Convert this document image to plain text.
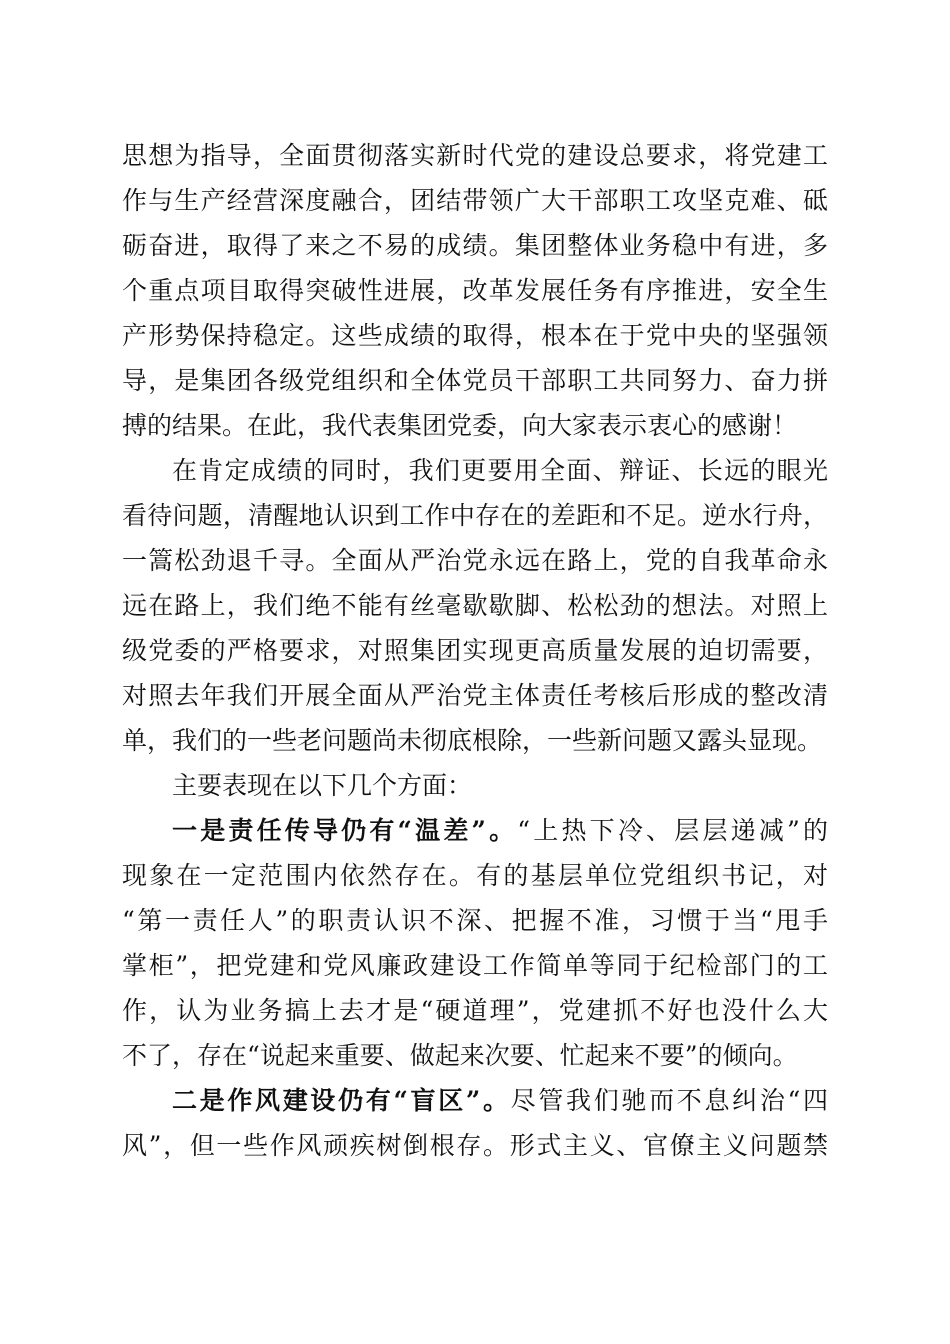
思想为指导，全面贯彻落实新时代党的建设总要求，将党建工
作与生产经营深度融合，团结带领广大干部职工攻坚克难、砥
砺奋进，取得了来之不易的成绩。集团整体业务稳中有进，多
个重点项目取得突破性进展，改革发展任务有序推进，安全生
产形势保持稳定。这些成绩的取得，根本在于党中央的坚强领
导，是集团各级党组织和全体党员干部职工共同努力、奋力拼
搏的结果。在此，我代表集团党委，向大家表示衷心的感谢！
在肯定成绩的同时，我们更要用全面、辩证、长远的眼光
看待问题，清醒地认识到工作中存在的差距和不足。逆水行舟，
一篙松劲退千寻。全面从严治党永远在路上，党的自我革命永
远在路上，我们绝不能有丝毫歇歇脚、松松劲的想法。对照上
级党委的严格要求，对照集团实现更高质量发展的迫切需要，
对照去年我们开展全面从严治党主体责任考核后形成的整改清
单，我们的一些老问题尚未彻底根除，一些新问题又露头显现。
主要表现在以下几个方面：
一是责任传导仍有“温差”。“上热下冷、层层递减”的
现象在一定范围内依然存在。有的基层单位党组织书记，对
“第一责任人”的职责认识不深、把握不准，习惯于当“甩手
掌柜”，把党建和党风廉政建设工作简单等同于纪检部门的工
作，认为业务搞上去才是“硬道理”，党建抓不好也没什么大
不了，存在“说起来重要、做起来次要、忙起来不要”的倾向。
二是作风建设仍有“盲区”。尽管我们驰而不息纠治“四
风”，但一些作风顽疾树倒根存。形式主义、官僚主义问题禁
